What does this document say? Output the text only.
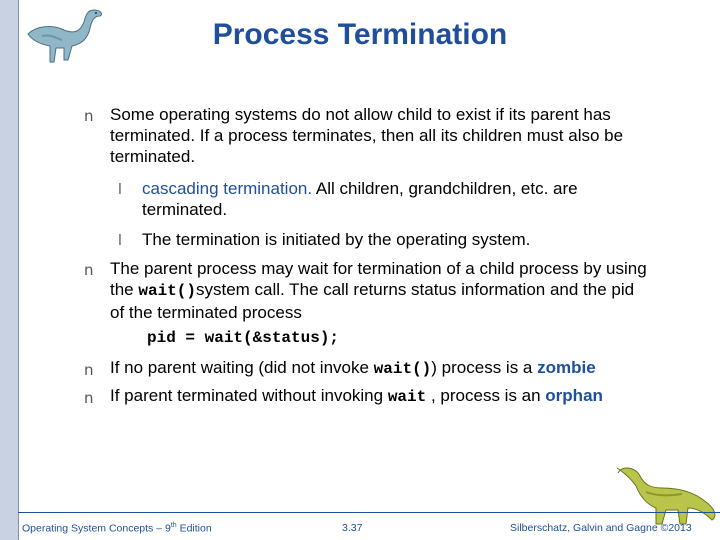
Process Termination
n Some operating systems do not allow child to exist if its parent has terminated. If a process terminates, then all its children must also be terminated.
l cascading termination. All children, grandchildren, etc. are terminated.
l The termination is initiated by the operating system.
n The parent process may wait for termination of a child process by using the wait()system call. The call returns status information and the pid of the terminated process
pid = wait(&status);
n If no parent waiting (did not invoke wait()) process is a zombie
n If parent terminated without invoking wait , process is an orphan
Operating System Concepts – 9th Edition	3.37	Silberschatz, Galvin and Gagne ©2013
